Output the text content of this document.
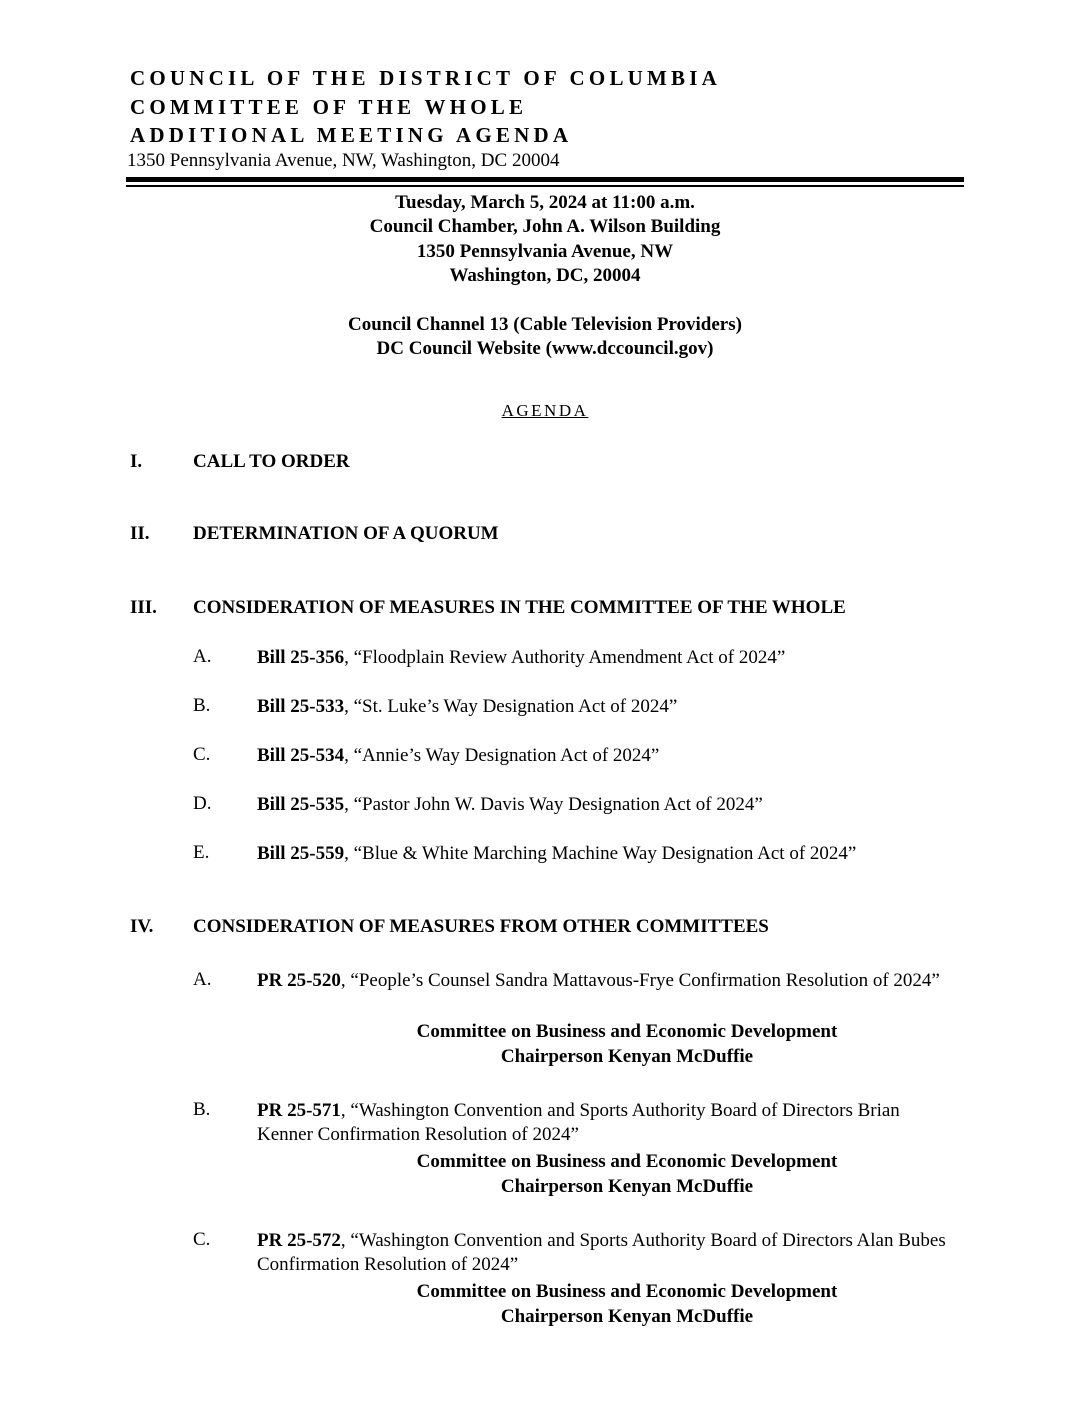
COUNCIL OF THE DISTRICT OF COLUMBIA
COMMITTEE OF THE WHOLE
ADDITIONAL MEETING AGENDA
1350 Pennsylvania Avenue, NW, Washington, DC 20004
Tuesday, March 5, 2024 at 11:00 a.m.
Council Chamber, John A. Wilson Building
1350 Pennsylvania Avenue, NW
Washington, DC, 20004
Council Channel 13 (Cable Television Providers)
DC Council Website (www.dccouncil.gov)
AGENDA
I.	CALL TO ORDER
II. DETERMINATION OF A QUORUM
III. CONSIDERATION OF MEASURES IN THE COMMITTEE OF THE WHOLE
A. Bill 25-356, “Floodplain Review Authority Amendment Act of 2024”
B. Bill 25-533, “St. Luke’s Way Designation Act of 2024”
C. Bill 25-534, “Annie’s Way Designation Act of 2024”
D. Bill 25-535, “Pastor John W. Davis Way Designation Act of 2024”
E.	Bill 25-559, “Blue & White Marching Machine Way Designation Act of 2024”
IV. CONSIDERATION OF MEASURES FROM OTHER COMMITTEES
A. PR 25-520, “People’s Counsel Sandra Mattavous-Frye Confirmation Resolution of 2024”
Committee on Business and Economic Development
Chairperson Kenyan McDuffie
B. PR 25-571, “Washington Convention and Sports Authority Board of Directors Brian Kenner Confirmation Resolution of 2024”
Committee on Business and Economic Development
Chairperson Kenyan McDuffie
C. PR 25-572, “Washington Convention and Sports Authority Board of Directors Alan Bubes Confirmation Resolution of 2024”
Committee on Business and Economic Development
Chairperson Kenyan McDuffie
